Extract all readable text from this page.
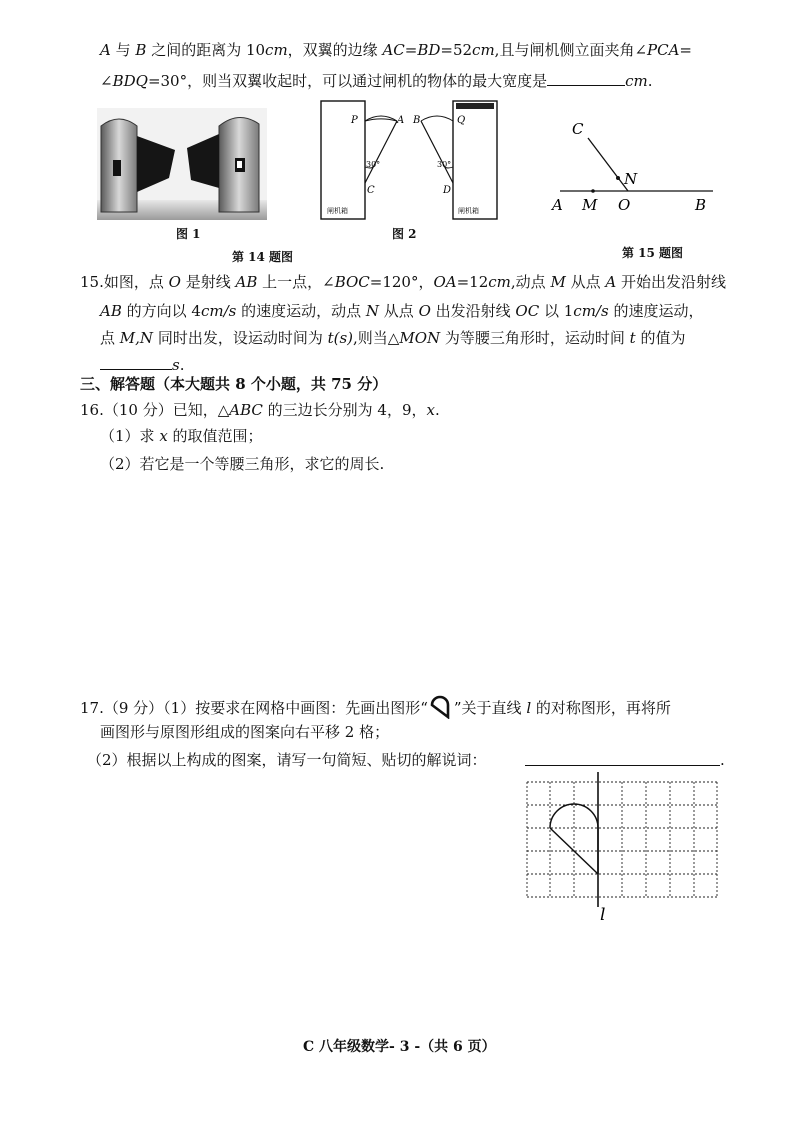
A 与 B 之间的距离为 10cm，双翼的边缘 AC=BD=52cm,且与闸机侧立面夹角∠PCA=
∠BDQ=30°，则当双翼收起时，可以通过闸机的物体的最大宽度是	cm.
图 1
P	A B	Q
C	D
30°	30°
闸机箱	闸机箱
图 2
第 14 题图
C
N
A M O	B
第 15 题图
15.如图，点 O 是射线 AB 上一点，∠BOC=120°，OA=12cm,动点 M 从点 A 开始出发沿射线
AB 的方向以 4cm/s 的速度运动，动点 N 从点 O 出发沿射线 OC 以 1cm/s 的速度运动，
点 M,N 同时出发，设运动时间为 t(s),则当△MON 为等腰三角形时，运动时间 t 的值为
s.
三、解答题（本大题共 8 个小题，共 75 分）
16.（10 分）已知，△ABC 的三边长分别为 4，9，x.
（1）求 x 的取值范围；
（2）若它是一个等腰三角形，求它的周长.
17.（9 分）（1）按要求在网格中画图：先画出图形“ ”关于直线 l 的对称图形，再将所
画图形与原图形组成的图案向右平移 2 格；
（2）根据以上构成的图案，请写一句简短、贴切的解说词：	.
l
C 八年级数学- 3 -（共 6 页）
